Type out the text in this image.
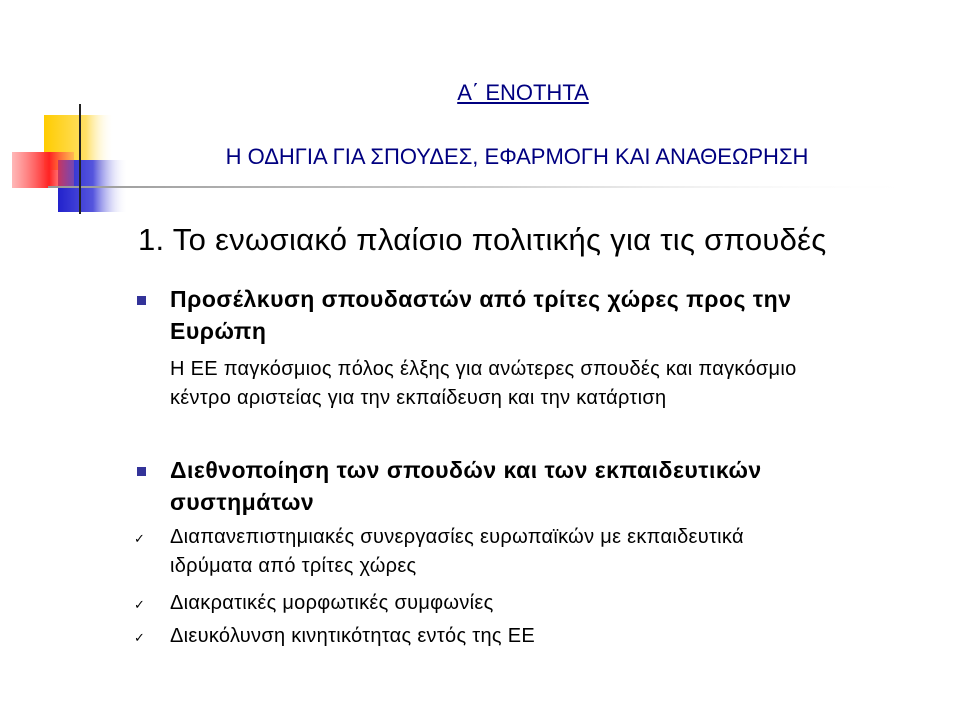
Α΄ ΕΝΟΤΗΤΑ
Η ΟΔΗΓΙΑ ΓΙΑ ΣΠΟΥΔΕΣ, ΕΦΑΡΜΟΓΗ ΚΑΙ ΑΝΑΘΕΩΡΗΣΗ
1. Το ενωσιακό πλαίσιο πολιτικής για τις σπουδές
Προσέλκυση σπουδαστών από τρίτες χώρες προς την
Ευρώπη
Η ΕΕ παγκόσμιος πόλος έλξης για ανώτερες σπουδές και παγκόσμιο
κέντρο αριστείας για την εκπαίδευση και την κατάρτιση
Διεθνοποίηση των σπουδών και των εκπαιδευτικών
συστημάτων
✓ Διαπανεπιστημιακές συνεργασίες ευρωπαϊκών με εκπαιδευτικά
ιδρύματα από τρίτες χώρες
✓ Διακρατικές μορφωτικές συμφωνίες
✓ Διευκόλυνση κινητικότητας εντός της ΕΕ
